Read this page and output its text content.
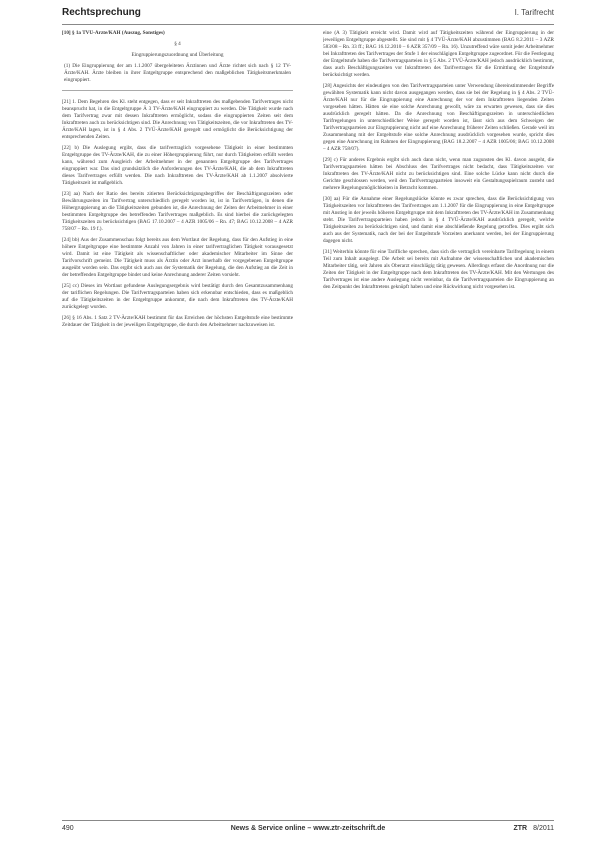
Rechtsprechung	I. Tarifrecht

[10] § 1a TVÜ-Ärzte/KAH (Auszug, Sonstiges)

§ 4

Eingruppierungszuordnung und Überleitung

(1) Die Eingruppierung der am 1.1.2007 übergeleiteten Ärztinnen und Ärzte richtet sich nach § 12 TV-Ärzte/KAH. Ärzte bleiben in ihrer Entgeltgruppe entsprechend den maßgeblichen Tätigkeitsmerkmalen eingruppiert.

[21] 1. Dem Begehren des Kl. steht entgegen, dass er seit Inkrafttreten des maßgebenden Tarifvertrages nicht beansprucht hat, in die Entgeltgruppe Ä 3 TV-Ärzte/KAH eingruppiert zu werden. Die Tätigkeit wurde nach dem Tarifvertrag zwar mit dessen Inkrafttreten ermöglicht, sodass die eingruppierten Zeiten seit dem Inkrafttreten auch zu berücksichtigen sind. Die Anrechnung von Tätigkeitszeiten, die vor Inkrafttreten des TV-Ärzte/KAH lagen, ist in § 4 Abs. 2 TVÜ-Ärzte/KAH geregelt und ermöglicht die Berücksichtigung der entsprechenden Zeiten.

[22] b) Die Auslegung ergibt, dass die tarifvertraglich vorgesehene Tätigkeit in einer bestimmten Entgeltgruppe des TV-Ärzte/KAH, die zu einer Höhergruppierung führt, nur durch Tätigkeiten erfüllt werden kann, während zum Ausgleich der Arbeitnehmer in der genannten Entgeltgruppe des Tarifvertrages eingruppiert war. Das sind grundsätzlich die Anforderungen des TV-Ärzte/KAH, die ab dem Inkrafttreten dieses Tarifvertrages erfüllt werden. Die nach Inkrafttreten des TV-Ärzte/KAH ab 1.1.2007 absolvierte Tätigkeitszeit ist maßgeblich.

[23] aa) Nach der Ratio des bereits zitierten Berücksichtigungsbegriffes der Beschäftigungszeiten oder Bewährungszeiten im Tarifvertrag unterschiedlich geregelt worden ist, ist in Tarifverträgen, in denen die Höhergruppierung an die Tätigkeitszeiten gebunden ist, die Anrechnung der Zeiten der Arbeitnehmer in einer bestimmten Entgeltgruppe des betreffenden Tarifvertrages maßgeblich. Es sind hierbei die zurückgelegten Tätigkeitszeiten zu berücksichtigen (BAG 17.10.2007 – 4 AZR 1005/06 – Rn. 47; BAG 10.12.2008 – 4 AZR 758/07 – Rn. 19 f.).

[24] bb) Aus der Zusammenschau folgt bereits aus dem Wortlaut der Regelung, dass für den Aufstieg in eine höhere Entgeltgruppe eine bestimmte Anzahl von Jahren in einer tarifvertraglichen Tätigkeit vorausgesetzt wird. Damit ist eine Tätigkeit als wissenschaftlicher oder akademischer Mitarbeiter im Sinne der Tarifvorschrift gemeint. Die Tätigkeit muss als Ärztin oder Arzt innerhalb der vorgegebenen Entgeltgruppe ausgeübt worden sein. Das ergibt sich auch aus der Systematik der Regelung, die den Aufstieg an die Zeit in der betreffenden Entgeltgruppe bindet und keine Anrechnung anderer Zeiten vorsieht.

[25] cc) Dieses im Wortlaut gefundene Auslegungsergebnis wird bestätigt durch den Gesamtzusammenhang der tariflichen Regelungen. Die Tarifvertragsparteien haben sich erkennbar entschieden, dass es maßgeblich auf die Tätigkeitszeiten in der Entgeltgruppe ankommt, die nach dem Inkrafttreten des TV-Ärzte/KAH zurückgelegt wurden.

[26] § 16 Abs. 1 Satz 2 TV-Ärzte/KAH bestimmt für das Erreichen der höchsten Entgeltstufe eine bestimmte Zeitdauer der Tätigkeit in der jeweiligen Entgeltgruppe, die durch den Arbeitnehmer nachzuweisen ist.

eine (Ä 3) Tätigkeit erreicht wird. Damit wird auf Tätigkeitszeiten während der Eingruppierung in der jeweiligen Entgeltgruppe abgestellt. Sie sind mit § 4 TVÜ-Ärzte/KAH abzustimmen (BAG 8.2.2011 – 3 AZR 583/08 – Rn. 33 ff.; BAG 16.12.2010 – 6 AZR 357/09 – Rn. 16). Unzutreffend wäre somit jeder Arbeitnehmer bei Inkrafttreten des Tarifvertrages der Stufe 1 der einschlägigen Entgeltgruppe zugeordnet. Für die Festlegung der Entgeltstufe haben die Tarifvertragsparteien in § 5 Abs. 2 TVÜ-Ärzte/KAH jedoch ausdrücklich bestimmt, dass auch Beschäftigungszeiten vor Inkrafttreten des Tarifvertrages für die Ermittlung der Entgeltstufe berücksichtigt werden.

[28] Angesichts der eindeutigen von den Tarifvertragsparteien unter Verwendung übereinstimmender Begriffe gewählten Systematik kann nicht davon ausgegangen werden, dass sie bei der Regelung in § 4 Abs. 2 TVÜ-Ärzte/KAH nur für die Eingruppierung eine Anrechnung der vor dem Inkrafttreten liegenden Zeiten vorgesehen hätten. Hätten sie eine solche Anrechnung gewollt, wäre zu erwarten gewesen, dass sie dies ausdrücklich geregelt hätten. Da die Anrechnung von Beschäftigungszeiten in unterschiedlichen Tarifregelungen in unterschiedlicher Weise geregelt worden ist, lässt sich aus dem Schweigen der Tarifvertragsparteien zur Eingruppierung nicht auf eine Anrechnung früherer Zeiten schließen. Gerade weil im Zusammenhang mit der Entgeltstufe eine solche Anrechnung ausdrücklich vorgesehen wurde, spricht dies gegen eine Anrechnung im Rahmen der Eingruppierung (BAG 18.2.2007 – 4 AZR 1005/06; BAG 10.12.2008 – 4 AZR 758/07).

[29] c) Für anderes Ergebnis ergibt sich auch dann nicht, wenn man zugunsten des Kl. davon ausgeht, die Tarifvertragsparteien hätten bei Abschluss des Tarifvertrages nicht bedacht, dass Tätigkeitszeiten vor Inkrafttreten des TV-Ärzte/KAH nicht zu berücksichtigen sind. Eine solche Lücke kann nicht durch die Gerichte geschlossen werden, weil den Tarifvertragsparteien insoweit ein Gestaltungsspielraum zusteht und mehrere Regelungsmöglichkeiten in Betracht kommen.

[30] aa) Für die Annahme einer Regelungslücke könnte es zwar sprechen, dass die Berücksichtigung von Tätigkeitszeiten vor Inkrafttreten des Tarifvertrages am 1.1.2007 für die Eingruppierung in eine Entgeltgruppe mit Anstieg in der jeweils höheren Entgeltgruppe mit dem Inkrafttreten des TV-Ärzte/KAH im Zusammenhang steht. Die Tarifvertragsparteien haben jedoch in § 4 TVÜ-Ärzte/KAH ausdrücklich geregelt, welche Tätigkeitszeiten zu berücksichtigen sind, und damit eine abschließende Regelung getroffen. Dies ergibt sich auch aus der Systematik, nach der bei der Entgeltstufe Vorzeiten anerkannt werden, bei der Eingruppierung dagegen nicht.

[31] Weiterhin könnte für eine Tarifliche sprechen, dass sich die vertraglich vereinbarte Tarifregelung in einem Teil zum Inhalt ausgelegt. Die Arbeit sei bereits mit Aufnahme der wissenschaftlichen und akademischen Mitarbeiter tätig, seit Jahren als Oberarzt einschlägig tätig gewesen. Allerdings erfasst die Anordnung nur die Zeiten der Tätigkeit in der Entgeltgruppe nach dem Inkrafttreten des TV-Ärzte/KAH. Mit den Wertungen des Tarifvertrages ist eine andere Auslegung nicht vereinbar, da die Tarifvertragsparteien die Eingruppierung an den Zeitpunkt des Inkrafttretens geknüpft haben und eine Rückwirkung nicht vorgesehen ist.

490	News & Service online – www.ztr-zeitschrift.de	ZTR 8/2011
